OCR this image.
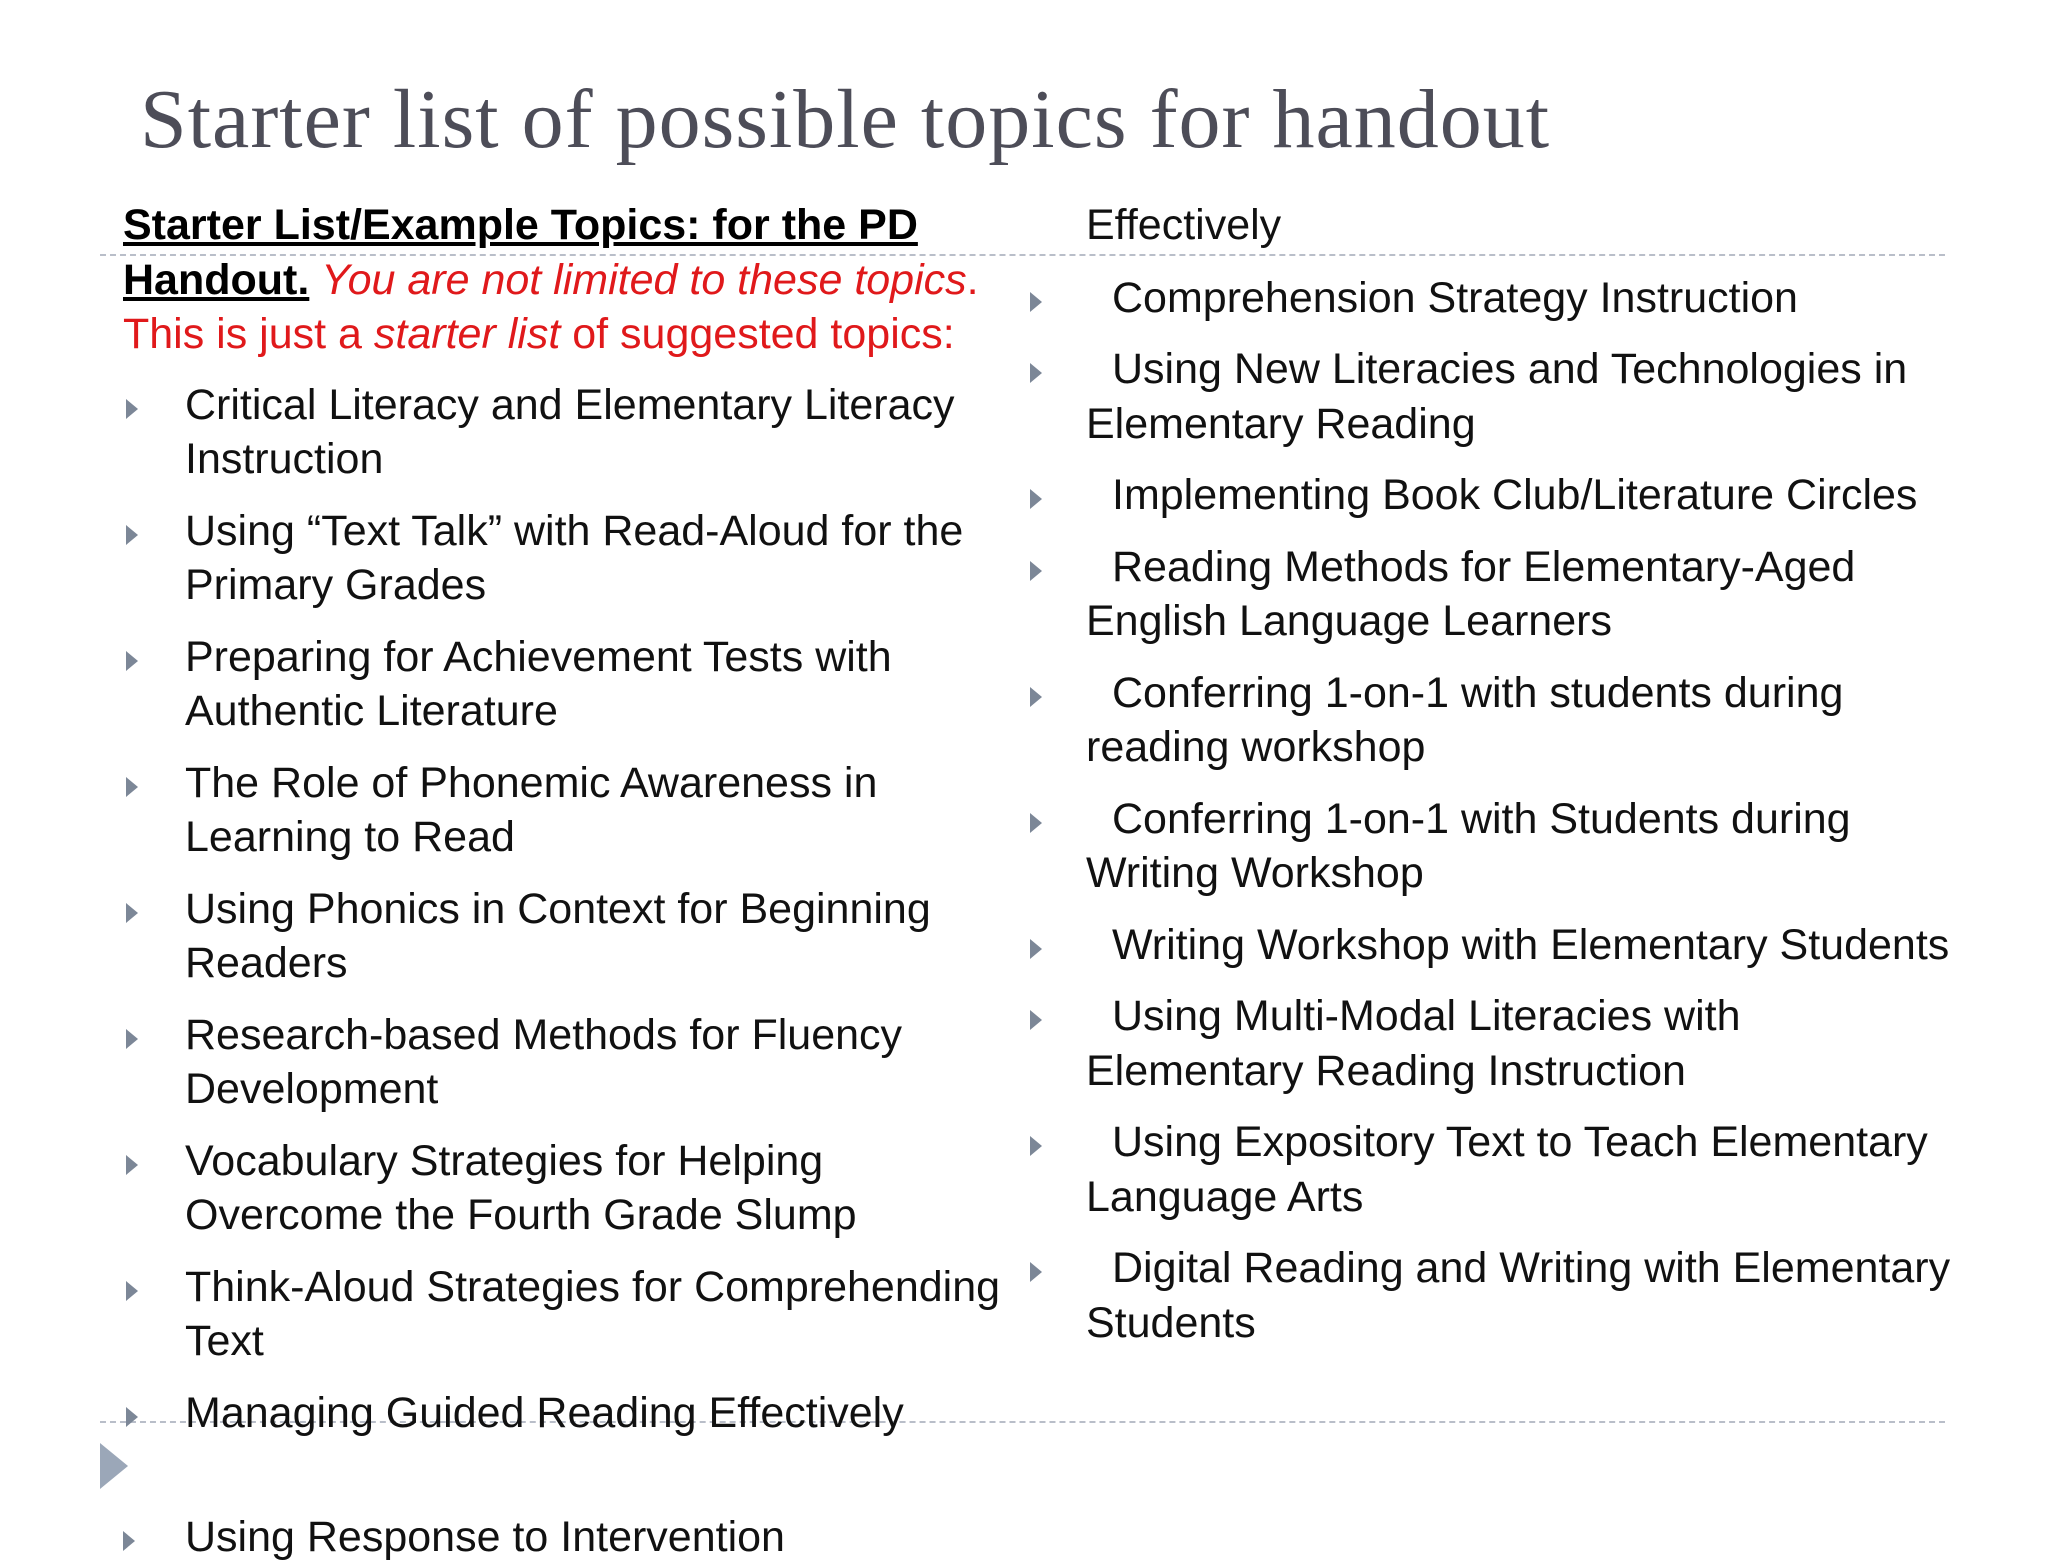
Starter list of possible topics for handout

Starter List/Example Topics: for the PD Handout. You are not limited to these topics. This is just a starter list of suggested topics:

Critical Literacy and Elementary Literacy Instruction
Using “Text Talk” with Read-Aloud for the Primary Grades
Preparing for Achievement Tests with Authentic Literature
The Role of Phonemic Awareness in Learning to Read
Using Phonics in Context for Beginning Readers
Research-based Methods for Fluency Development
Vocabulary Strategies for Helping Overcome the Fourth Grade Slump
Think-Aloud Strategies for Comprehending Text
Managing Guided Reading Effectively

Effectively

Comprehension Strategy Instruction
Using New Literacies and Technologies in Elementary Reading
Implementing Book Club/Literature Circles
Reading Methods for Elementary-Aged English Language Learners
Conferring 1-on-1 with students during reading workshop
Conferring 1-on-1 with Students during Writing Workshop
Writing Workshop with Elementary Students
Using Multi-Modal Literacies with Elementary Reading Instruction
Using Expository Text to Teach Elementary Language Arts
Digital Reading and Writing with Elementary Students
Using Response to Intervention
